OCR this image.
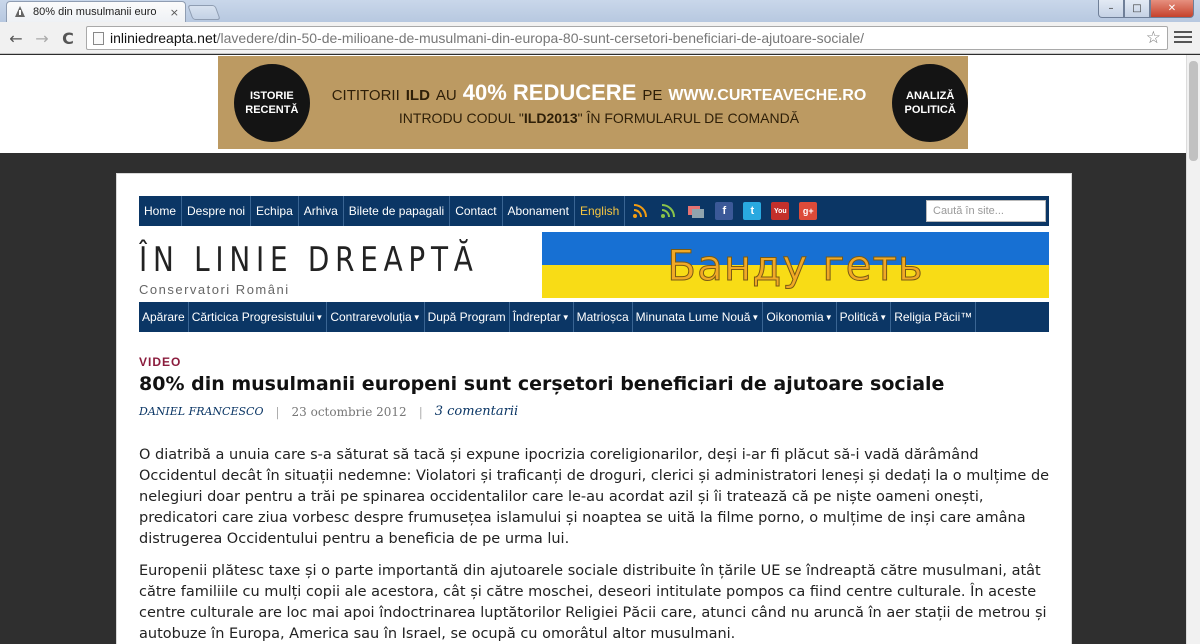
80% din musulmanii euro	×	–	□	✕
← → C	inliniedreapta.net/lavedere/din-50-de-milioane-de-musulmani-din-europa-80-sunt-cersetori-beneficiari-de-ajutoare-sociale/	☆
ISTORIE
RECENTĂ
CITITORII ILD AU 40% REDUCERE PE WWW.CURTEAVECHE.RO
INTRODU CODUL "ILD2013" ÎN FORMULARUL DE COMANDĂ
ANALIZĂ
POLITICĂ
Home Despre noi Echipa Arhiva Bilete de papagali Contact Abonament English	f	t	You	g+	Caută în site...
ÎN LINIE DREAPTĂ
Conservatori Români	Банду геть
Apărare Cărticica Progresistului ▼ Contrarevoluția ▼ După Program Îndreptar ▼ Matrioșca Minunata Lume Nouă ▼ Oikonomia ▼ Politică ▼ Religia Păcii™
VIDEO
80% din musulmanii europeni sunt cerșetori beneficiari de ajutoare sociale
DANIEL FRANCESCO | 23 octombrie 2012 | 3 comentarii

O diatribă a unuia care s-a săturat să tacă și expune ipocrizia coreligionarilor, deși i-ar fi plăcut să-i vadă dărâmând Occidentul decât în situații nedemne: Violatori și traficanți de droguri, clerici și administratori leneși și dedați la o mulțime de nelegiuri doar pentru a trăi pe spinarea occidentalilor care le-au acordat azil și îi tratează că pe niște oameni onești, predicatori care ziua vorbesc despre frumusețea islamului și noaptea se uită la filme porno, o mulțime de inși care amâna distrugerea Occidentului pentru a beneficia de pe urma lui.

Europenii plătesc taxe și o parte importantă din ajutoarele sociale distribuite în țările UE se îndreaptă către musulmani, atât către familiile cu mulți copii ale acestora, cât și către moschei, deseori intitulate pompos ca fiind centre culturale. În aceste centre culturale are loc mai apoi îndoctrinarea luptătorilor Religiei Păcii care, atunci când nu aruncă în aer stații de metrou și autobuze în Europa, America sau în Israel, se ocupă cu omorâtul altor musulmani.
